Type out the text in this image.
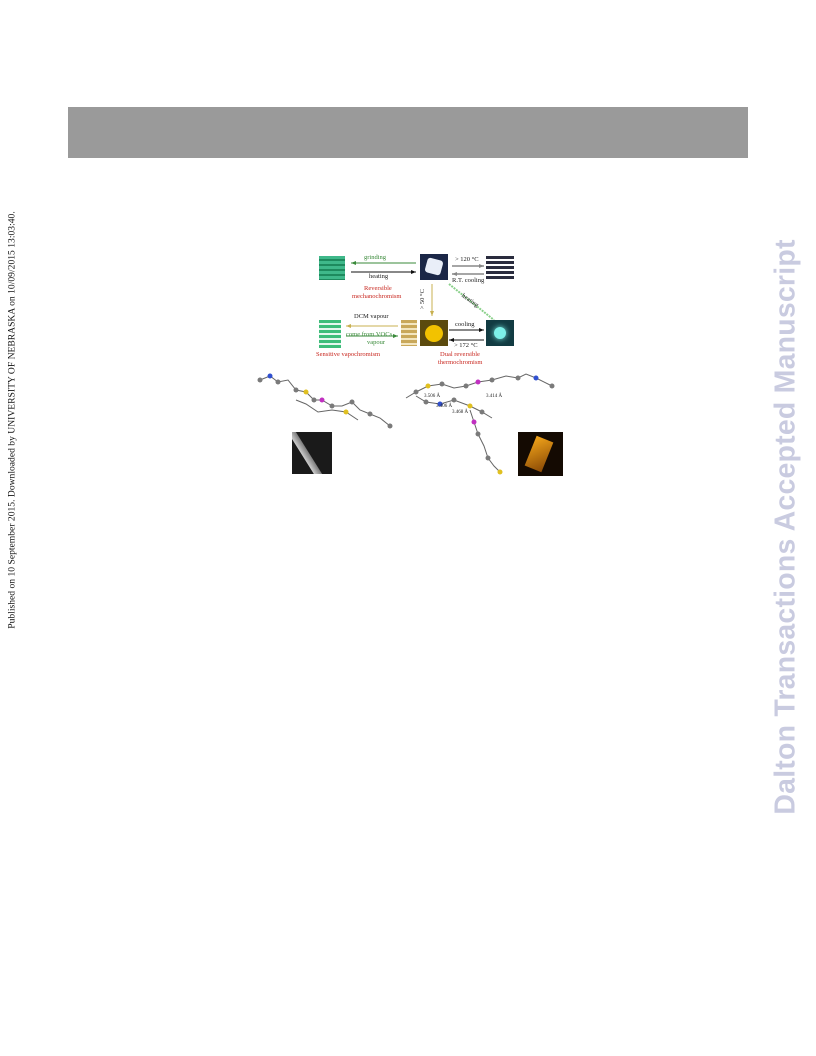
Published on 10 September 2015. Downloaded by UNIVERSITY OF NEBRASKA on 10/09/2015 13:03:40.	Dalton Transactions Accepted Manuscript
grinding
heating
> 120 °C
R.T. cooling
Reversible
mechanochromism	> 50 °C	heating
DCM vapour
come from VOCs
vapour
cooling
> 172 °C
Sensitive vapochromism	Dual reversible
thermochromism
3.506 Å
3.406 Å
3.468 Å
3.414 Å
